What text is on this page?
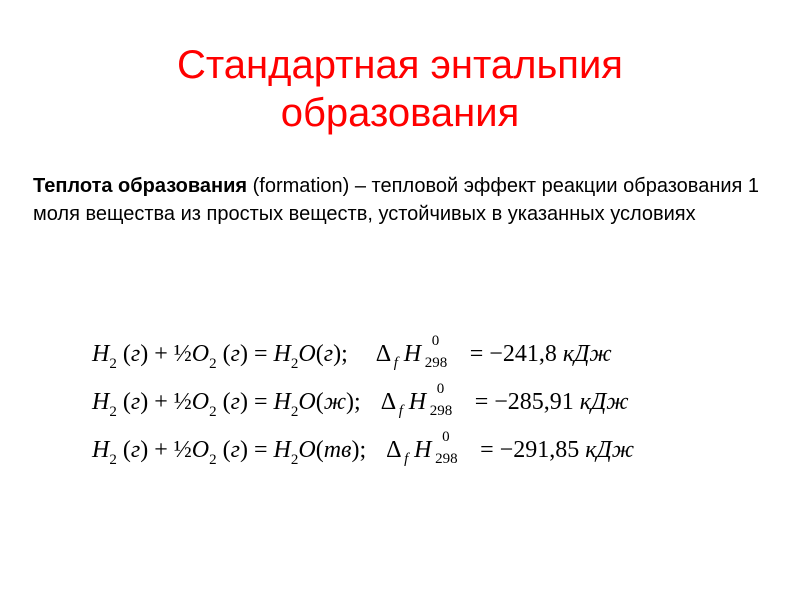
Стандартная энтальпия
образования
Теплота образования (formation) – тепловой эффект реакции образования 1 моля вещества из простых веществ, устойчивых в указанных условиях
$H_2$ $(г) + \frac{1}{2}O_2$ $(г) = H_2O(г)$; Δ f H 0
298 = −241,8 кДж
$H_2$ $(г) + \frac{1}{2}O_2$ $(г) = H_2O(ж)$; Δ f H 0
298 = −285,91 кДж
$H_2$ $(г) + \frac{1}{2}O_2$ $(г) = H_2O(тв)$; Δ f H 0
298 = −291,85 кДж
